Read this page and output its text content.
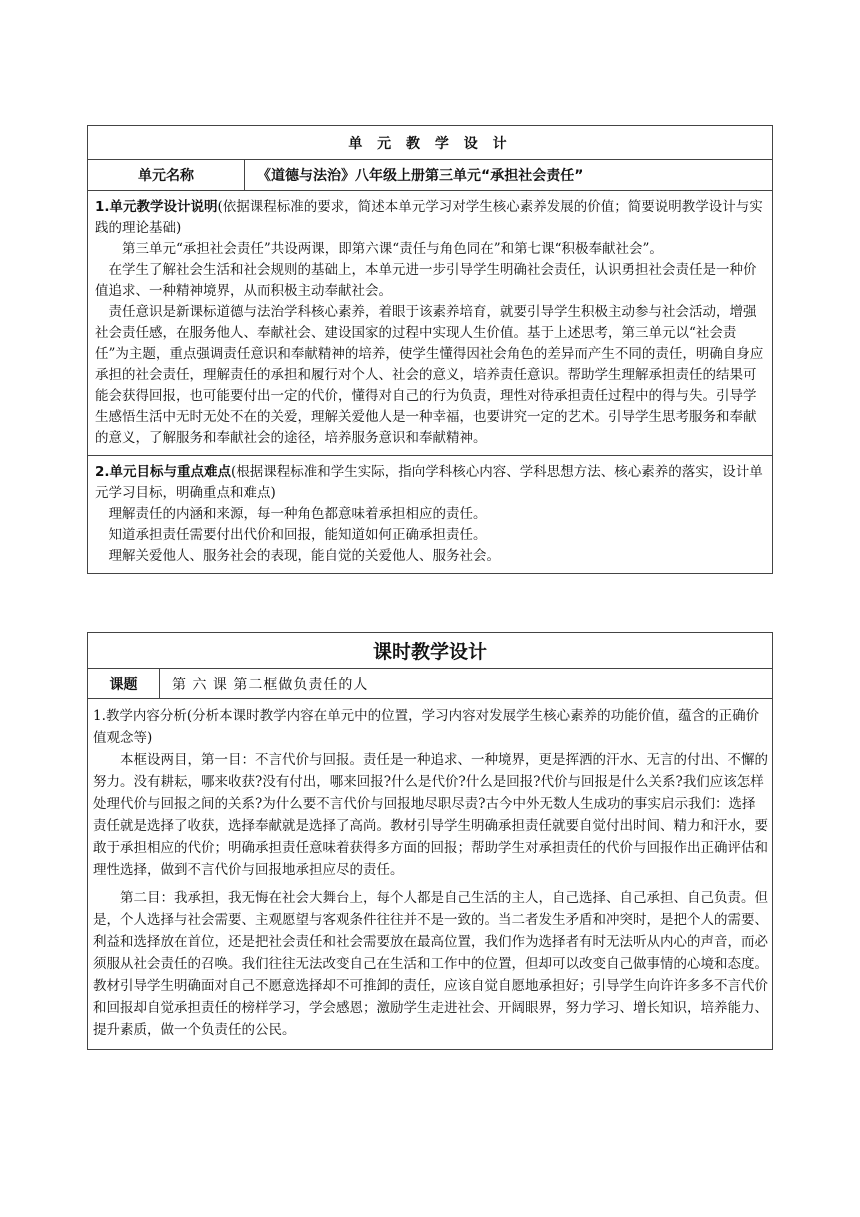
单 元 教 学 设 计
单元名称	《道德与法治》八年级上册第三单元“承担社会责任”

1.单元教学设计说明(依据课程标准的要求，简述本单元学习对学生核心素养发展的价值；简要说明教学设计与实践的理论基础)

第三单元“承担社会责任”共设两课，即第六课“责任与角色同在”和第七课“积极奉献社会”。

在学生了解社会生活和社会规则的基础上，本单元进一步引导学生明确社会责任，认识勇担社会责任是一种价值追求、一种精神境界，从而积极主动奉献社会。

责任意识是新课标道德与法治学科核心素养，着眼于该素养培育，就要引导学生积极主动参与社会活动，增强社会责任感，在服务他人、奉献社会、建设国家的过程中实现人生价值。基于上述思考，第三单元以“社会责任”为主题，重点强调责任意识和奉献精神的培养，使学生懂得因社会角色的差异而产生不同的责任，明确自身应承担的社会责任，理解责任的承担和履行对个人、社会的意义，培养责任意识。帮助学生理解承担责任的结果可能会获得回报，也可能要付出一定的代价，懂得对自己的行为负责，理性对待承担责任过程中的得与失。引导学生感悟生活中无时无处不在的关爱，理解关爱他人是一种幸福，也要讲究一定的艺术。引导学生思考服务和奉献的意义，了解服务和奉献社会的途径，培养服务意识和奉献精神。

2.单元目标与重点难点(根据课程标准和学生实际，指向学科核心内容、学科思想方法、核心素养的落实，设计单元学习目标，明确重点和难点)

理解责任的内涵和来源，每一种角色都意味着承担相应的责任。

知道承担责任需要付出代价和回报，能知道如何正确承担责任。

理解关爱他人、服务社会的表现，能自觉的关爱他人、服务社会。

课时教学设计
课题	第 六 课 第二框做负责任的人

1.教学内容分析(分析本课时教学内容在单元中的位置，学习内容对发展学生核心素养的功能价值，蕴含的正确价值观念等)

本框设两目，第一目：不言代价与回报。责任是一种追求、一种境界，更是挥洒的汗水、无言的付出、不懈的努力。没有耕耘，哪来收获?没有付出，哪来回报?什么是代价?什么是回报?代价与回报是什么关系?我们应该怎样处理代价与回报之间的关系?为什么要不言代价与回报地尽职尽责?古今中外无数人生成功的事实启示我们：选择责任就是选择了收获，选择奉献就是选择了高尚。教材引导学生明确承担责任就要自觉付出时间、精力和汗水，要敢于承担相应的代价；明确承担责任意味着获得多方面的回报；帮助学生对承担责任的代价与回报作出正确评估和理性选择，做到不言代价与回报地承担应尽的责任。

第二目：我承担，我无悔在社会大舞台上，每个人都是自己生活的主人，自己选择、自己承担、自己负责。但是，个人选择与社会需要、主观愿望与客观条件往往并不是一致的。当二者发生矛盾和冲突时，是把个人的需要、利益和选择放在首位，还是把社会责任和社会需要放在最高位置，我们作为选择者有时无法听从内心的声音，而必须服从社会责任的召唤。我们往往无法改变自己在生活和工作中的位置，但却可以改变自己做事情的心境和态度。教材引导学生明确面对自己不愿意选择却不可推卸的责任，应该自觉自愿地承担好；引导学生向许许多多不言代价和回报却自觉承担责任的榜样学习，学会感恩；激励学生走进社会、开阔眼界，努力学习、增长知识，培养能力、提升素质，做一个负责任的公民。
